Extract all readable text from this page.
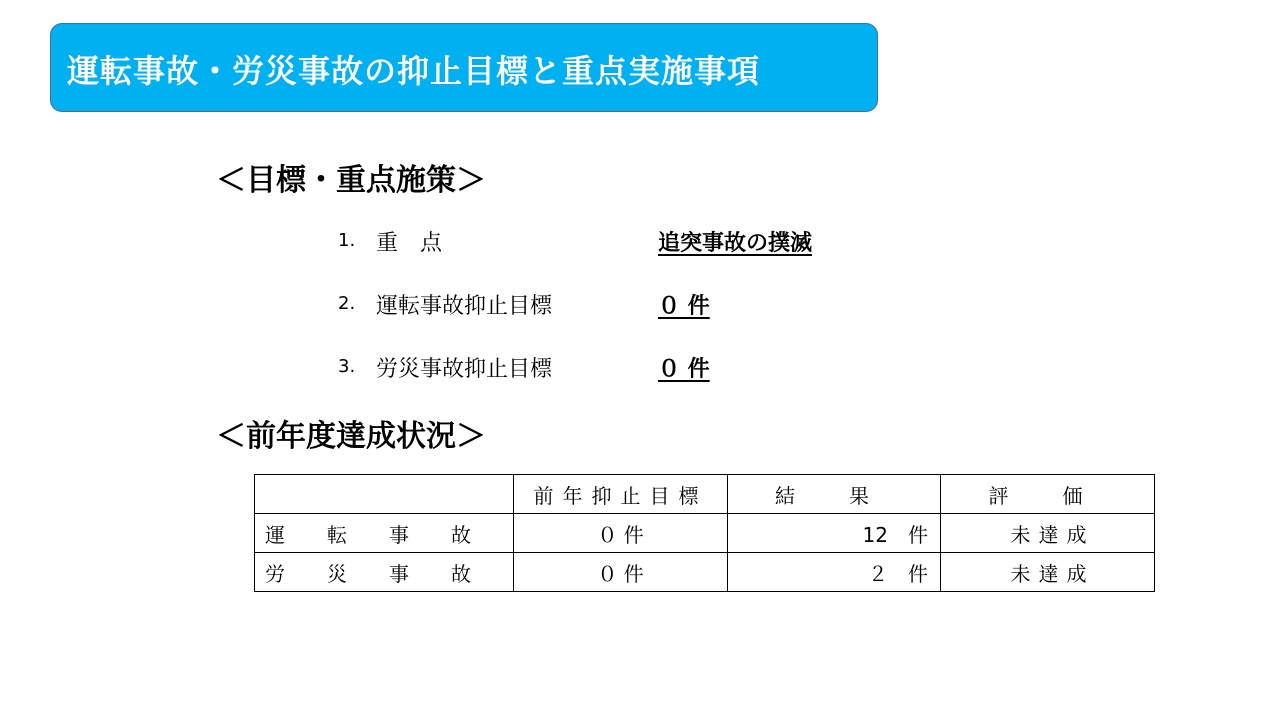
運転事故・労災事故の抑止目標と重点実施事項
＜目標・重点施策＞
1. 重　点	追突事故の撲滅
2. 運転事故抑止目標	０ 件
3. 労災事故抑止目標	０ 件
＜前年度達成状況＞
	前年抑止目標	結果	評価
運転事故	０ 件	12　件	未達成
労災事故	０ 件	２　件	未達成
